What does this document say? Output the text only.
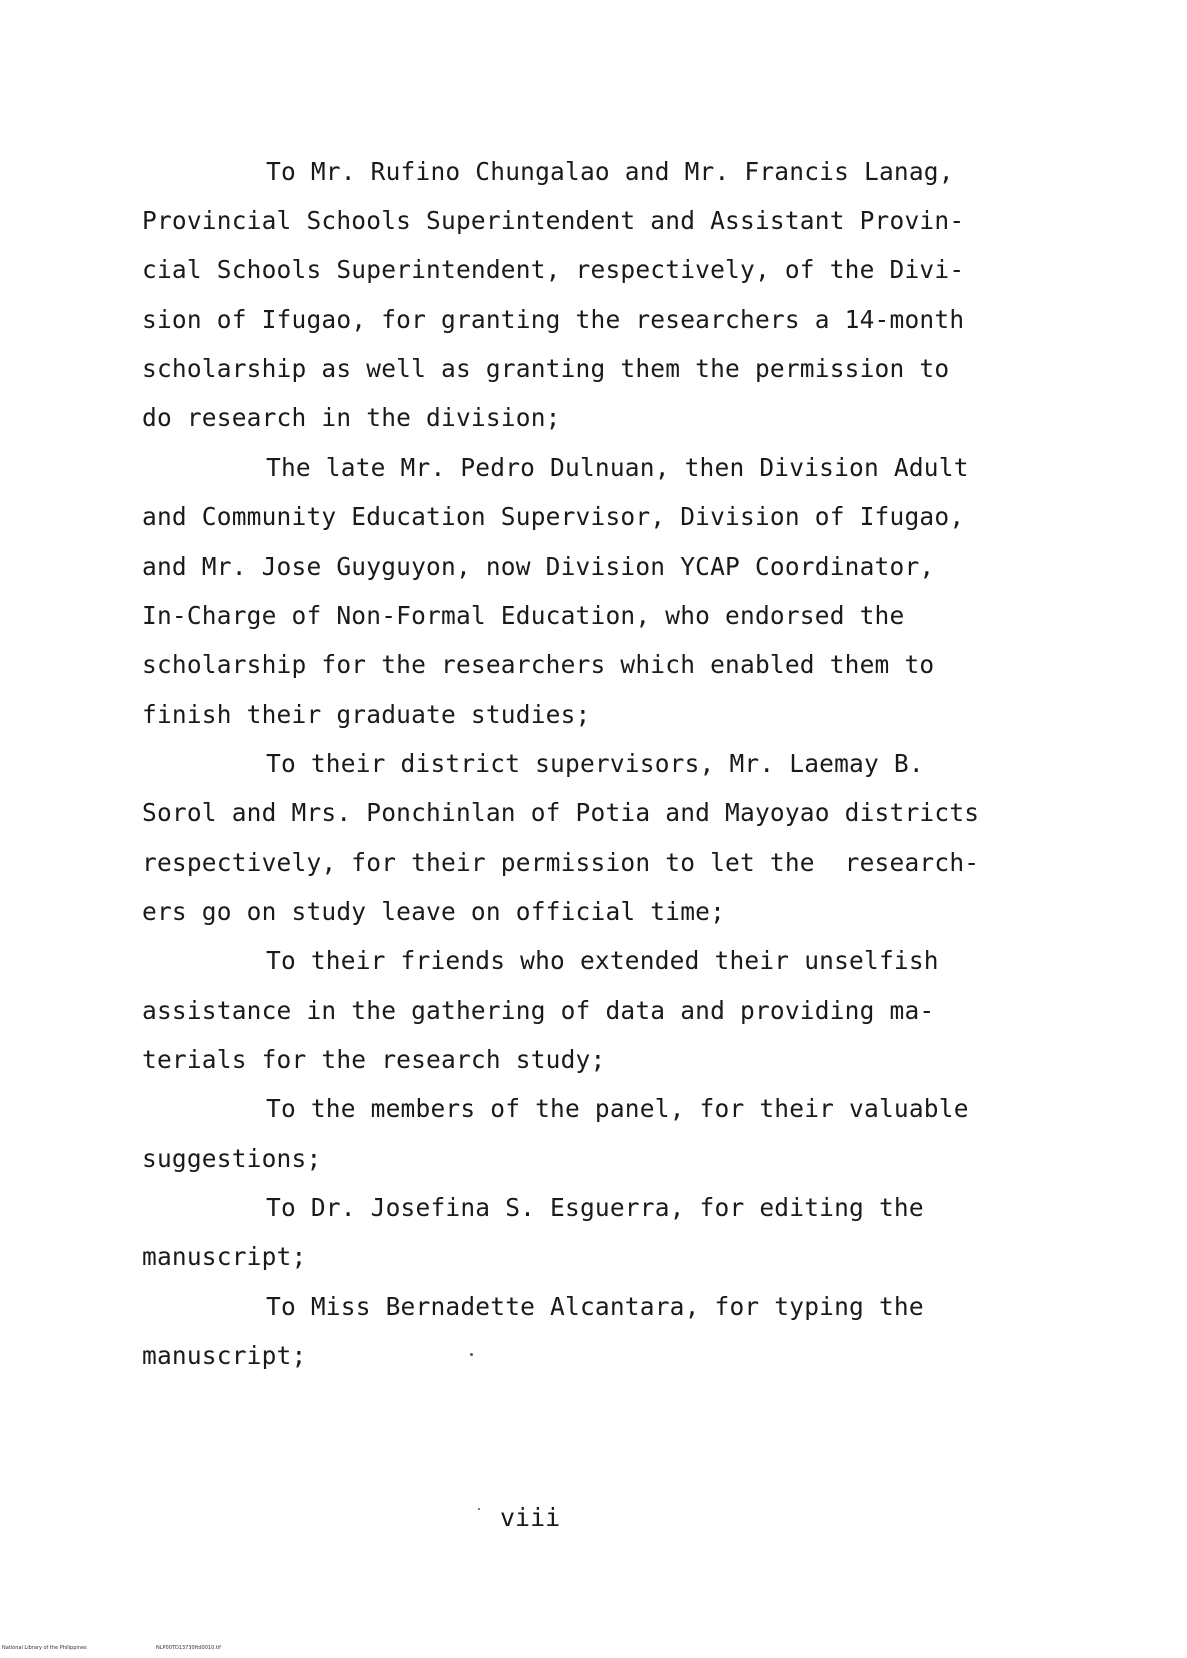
To Mr. Rufino Chungalao and Mr. Francis Lanag,
Provincial Schools Superintendent and Assistant Provin-
cial Schools Superintendent, respectively, of the Divi-
sion of Ifugao, for granting the researchers a 14-month
scholarship as well as granting them the permission to
do research in the division;
The late Mr. Pedro Dulnuan, then Division Adult
and Community Education Supervisor, Division of Ifugao,
and Mr. Jose Guyguyon, now Division YCAP Coordinator,
In-Charge of Non-Formal Education, who endorsed the
scholarship for the researchers which enabled them to
finish their graduate studies;
To their district supervisors, Mr. Laemay B.
Sorol and Mrs. Ponchinlan of Potia and Mayoyao districts
respectively, for their permission to let the  research-
ers go on study leave on official time;
To their friends who extended their unselfish
assistance in the gathering of data and providing ma-
terials for the research study;
To the members of the panel, for their valuable
suggestions;
To Dr. Josefina S. Esguerra, for editing the
manuscript;
To Miss Bernadette Alcantara, for typing the
manuscript;
viii
National Library of the Philippines	NLP00TD13730ftd0010.tif
